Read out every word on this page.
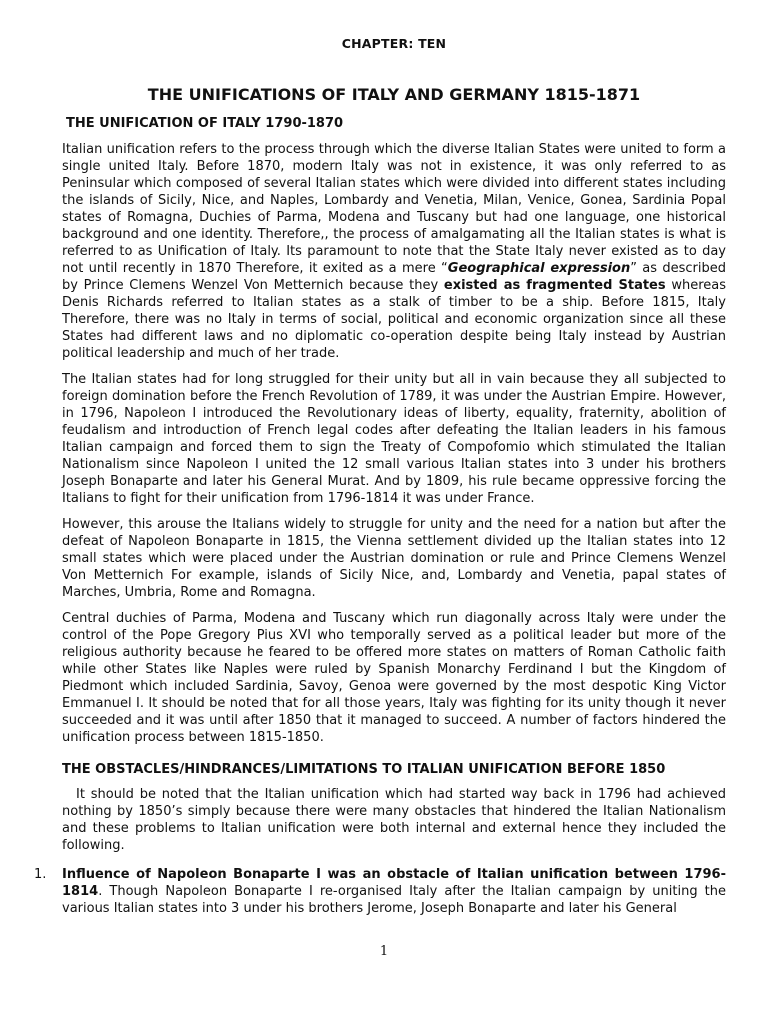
CHAPTER: TEN
THE UNIFICATIONS OF ITALY AND GERMANY 1815-1871
THE UNIFICATION OF ITALY 1790-1870

Italian unification refers to the process through which the diverse Italian States were united to form a single united Italy. Before 1870, modern Italy was not in existence, it was only referred to as Peninsular which composed of several Italian states which were divided into different states including the islands of Sicily, Nice, and Naples, Lombardy and Venetia, Milan, Venice, Gonea, Sardinia Popal states of Romagna, Duchies of Parma, Modena and Tuscany but had one language, one historical background and one identity. Therefore,, the process of amalgamating all the Italian states is what is referred to as Unification of Italy. Its paramount to note that the State Italy never existed as to day not until recently in 1870 Therefore, it exited as a mere “Geographical expression” as described by Prince Clemens Wenzel Von Metternich because they existed as fragmented States whereas Denis Richards referred to Italian states as a stalk of timber to be a ship. Before 1815, Italy Therefore, there was no Italy in terms of social, political and economic organization since all these States had different laws and no diplomatic co-operation despite being Italy instead by Austrian political leadership and much of her trade.

The Italian states had for long struggled for their unity but all in vain because they all subjected to foreign domination before the French Revolution of 1789, it was under the Austrian Empire. However, in 1796, Napoleon I introduced the Revolutionary ideas of liberty, equality, fraternity, abolition of feudalism and introduction of French legal codes after defeating the Italian leaders in his famous Italian campaign and forced them to sign the Treaty of Compofomio which stimulated the Italian Nationalism since Napoleon I united the 12 small various Italian states into 3 under his brothers Joseph Bonaparte and later his General Murat. And by 1809, his rule became oppressive forcing the Italians to fight for their unification from 1796-1814 it was under France.

However, this arouse the Italians widely to struggle for unity and the need for a nation but after the defeat of Napoleon Bonaparte in 1815, the Vienna settlement divided up the Italian states into 12 small states which were placed under the Austrian domination or rule and Prince Clemens Wenzel Von Metternich For example, islands of Sicily Nice, and, Lombardy and Venetia, papal states of Marches, Umbria, Rome and Romagna.

Central duchies of Parma, Modena and Tuscany which run diagonally across Italy were under the control of the Pope Gregory Pius XVI who temporally served as a political leader but more of the religious authority because he feared to be offered more states on matters of Roman Catholic faith while other States like Naples were ruled by Spanish Monarchy Ferdinand I but the Kingdom of Piedmont which included Sardinia, Savoy, Genoa were governed by the most despotic King Victor Emmanuel I. It should be noted that for all those years, Italy was fighting for its unity though it never succeeded and it was until after 1850 that it managed to succeed. A number of factors hindered the unification process between 1815-1850.

THE OBSTACLES/HINDRANCES/LIMITATIONS TO ITALIAN UNIFICATION BEFORE 1850

It should be noted that the Italian unification which had started way back in 1796 had achieved nothing by 1850’s simply because there were many obstacles that hindered the Italian Nationalism and these problems to Italian unification were both internal and external hence they included the following.

1. Influence of Napoleon Bonaparte I was an obstacle of Italian unification between 1796-1814. Though Napoleon Bonaparte I re-organised Italy after the Italian campaign by uniting the various Italian states into 3 under his brothers Jerome, Joseph Bonaparte and later his General
1
